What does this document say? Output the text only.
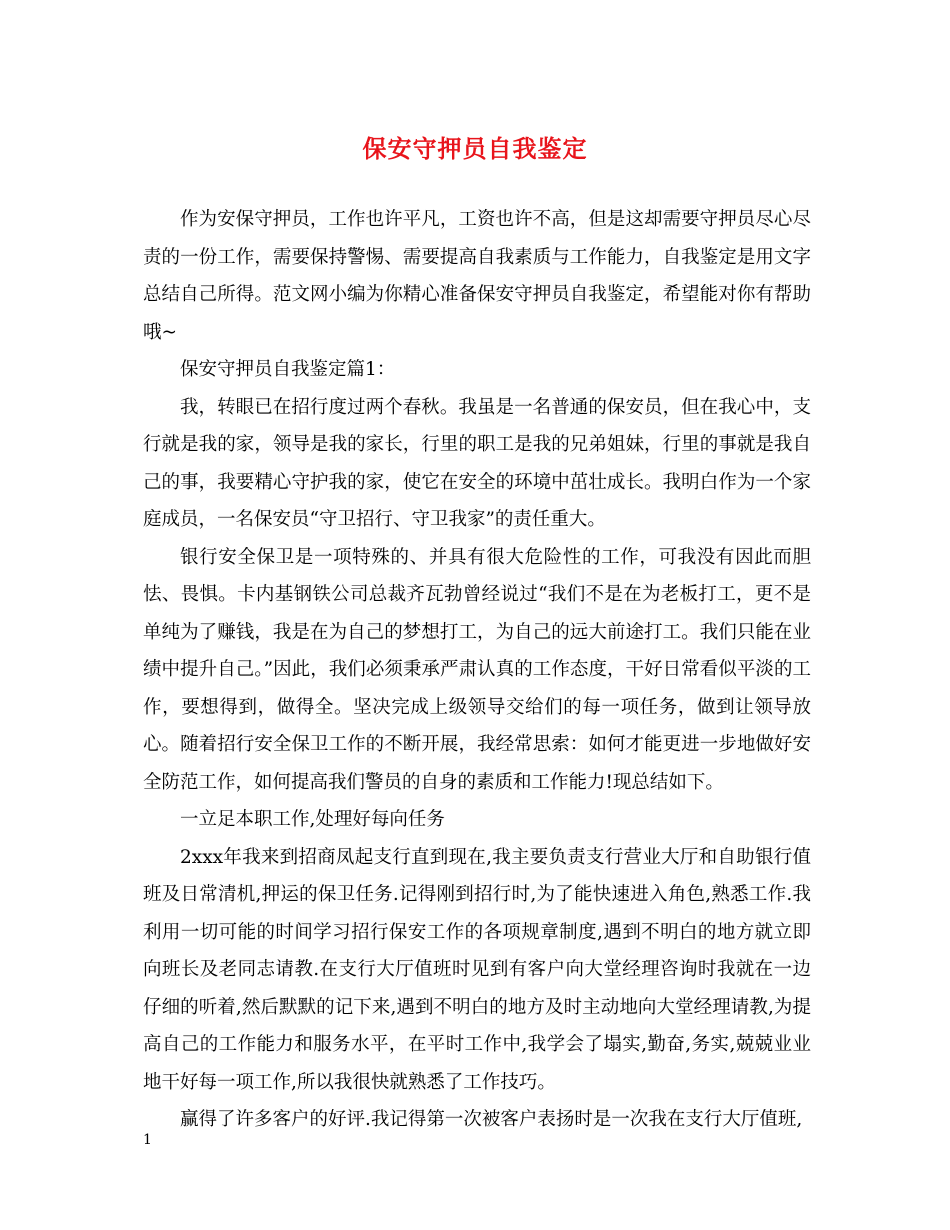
保安守押员自我鉴定

作为安保守押员，工作也许平凡，工资也许不高，但是这却需要守押员尽心尽责的一份工作，需要保持警惕、需要提高自我素质与工作能力，自我鉴定是用文字总结自己所得。范文网小编为你精心准备保安守押员自我鉴定，希望能对你有帮助哦~

保安守押员自我鉴定篇1：

我，转眼已在招行度过两个春秋。我虽是一名普通的保安员，但在我心中，支行就是我的家，领导是我的家长，行里的职工是我的兄弟姐妹，行里的事就是我自己的事，我要精心守护我的家，使它在安全的环境中茁壮成长。我明白作为一个家庭成员，一名保安员“守卫招行、守卫我家”的责任重大。

银行安全保卫是一项特殊的、并具有很大危险性的工作，可我没有因此而胆怯、畏惧。卡内基钢铁公司总裁齐瓦勃曾经说过“我们不是在为老板打工，更不是单纯为了赚钱，我是在为自己的梦想打工，为自己的远大前途打工。我们只能在业绩中提升自己。”因此，我们必须秉承严肃认真的工作态度，干好日常看似平淡的工作，要想得到，做得全。坚决完成上级领导交给们的每一项任务，做到让领导放心。随着招行安全保卫工作的不断开展，我经常思索：如何才能更进一步地做好安全防范工作，如何提高我们警员的自身的素质和工作能力!现总结如下。

一立足本职工作,处理好每向任务

2xxx年我来到招商凤起支行直到现在,我主要负责支行营业大厅和自助银行值班及日常清机,押运的保卫任务.记得刚到招行时,为了能快速进入角色,熟悉工作.我利用一切可能的时间学习招行保安工作的各项规章制度,遇到不明白的地方就立即向班长及老同志请教.在支行大厅值班时见到有客户向大堂经理咨询时我就在一边仔细的听着,然后默默的记下来,遇到不明白的地方及时主动地向大堂经理请教,为提高自己的工作能力和服务水平，在平时工作中,我学会了塌实,勤奋,务实,兢兢业业地干好每一项工作,所以我很快就熟悉了工作技巧。

赢得了许多客户的好评.我记得第一次被客户表扬时是一次我在支行大厅值班,

1
